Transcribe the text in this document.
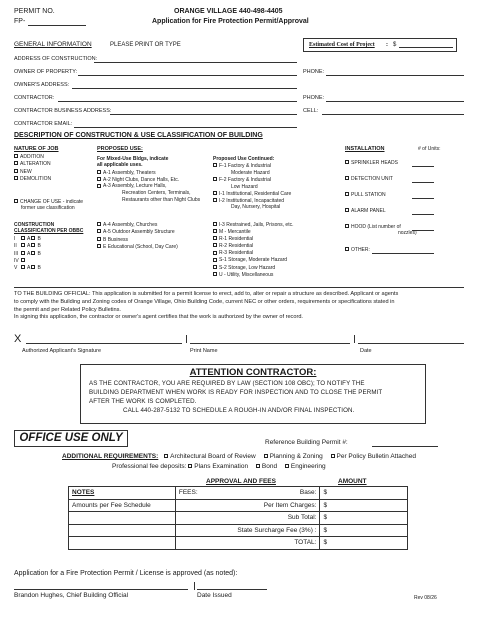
PERMIT NO.
FP-
ORANGE VILLAGE 440-498-4405
Application for Fire Protection Permit/Approval
GENERAL INFORMATION	PLEASE PRINT OR TYPE	Estimated Cost of Project : $
ADDRESS OF CONSTRUCTION:
OWNER OF PROPERTY:	PHONE:
OWNER'S ADDRESS:
CONTRACTOR:	PHONE:
CONTRACTOR BUSINESS ADDRESS:	CELL:
CONTRACTOR EMAIL:
DESCRIPTION OF CONSTRUCTION & USE CLASSIFICATION OF BUILDING
NATURE OF JOB
ADDITION
ALTERATION
NEW
DEMOLITION
CHANGE OF USE - indicate
former use classification
CONSTRUCTION
CLASSIFICATION PER OBBC
I A B
II A B
III A B
IV
V A B
PROPOSED USE:
For Mixed-Use Bldgs, indicate
all applicable uses.
A-1 Assembly, Theaters
A-2 Night Clubs, Dance Halls, Etc.
A-3 Assembly, Lecture Halls,
Recreation Centers, Terminals,
Restaurants other than Night Clubs
A-4 Assembly, Churches
A-5 Outdoor Assembly Structure
B Business
E Educational (School, Day Care)
Proposed Use Continued:
F-1 Factory & Industrial
Moderate Hazard
F-2 Factory & Industrial
Low Hazard
I-1 Institutional, Residential Care
I-2 Institutional, Incapacitated
Day, Nursery, Hospital
I-3 Restrained, Jails, Prisons, etc.
M - Mercantile
R-1 Residential
R-2 Residential
R-3 Residential
S-1 Storage, Moderate Hazard
S-2 Storage, Low Hazard
U - Utility, Miscellaneous
INSTALLATION	# of Units:
SPRINKLER HEADS
DETECTION UNIT
PULL STATION
ALARM PANEL
HOOD (List number of
nozzles)
OTHER:
TO THE BUILDING OFFICIAL: This application is submitted for a permit license to erect, add to, alter or repair a structure as described. Applicant or agents
to comply with the Building and Zoning codes of Orange Village, Ohio Building Code, current NEC or other orders, requirements or specifications stated in
the permit and per Related Policy Bulletins.
In signing this application, the contractor or owner's agent certifies that the work is authorized by the owner of record.
X
Authorized Applicant's Signature	Print Name	Date
ATTENTION CONTRACTOR:
AS THE CONTRACTOR, YOU ARE REQUIRED BY LAW (SECTION 108 OBC); TO NOTIFY THE
BUILDING DEPARTMENT WHEN WORK IS READY FOR INSPECTION AND TO CLOSE THE PERMIT
AFTER THE WORK IS COMPLETED.
CALL 440-287-5132 TO SCHEDULE A ROUGH-IN AND/OR FINAL INSPECTION.
OFFICE USE ONLY	Reference Building Permit #:
ADDITIONAL REQUIREMENTS: Architectural Board of Review Planning & Zoning Per Policy Bulletin Attached
Professional fee deposits: Plans Examination Bond Engineering
APPROVAL AND FEES	AMOUNT
NOTES	FEES: Base:	$
Amounts per Fee Schedule	Per Item Charges:	$
	Sub Total:	$
	State Surcharge Fee (3%) :	$
	TOTAL:	$
Application for a Fire Protection Permit / License is approved (as noted):
Brandon Hughes, Chief Building Official	Date Issued	Rev 08/26
